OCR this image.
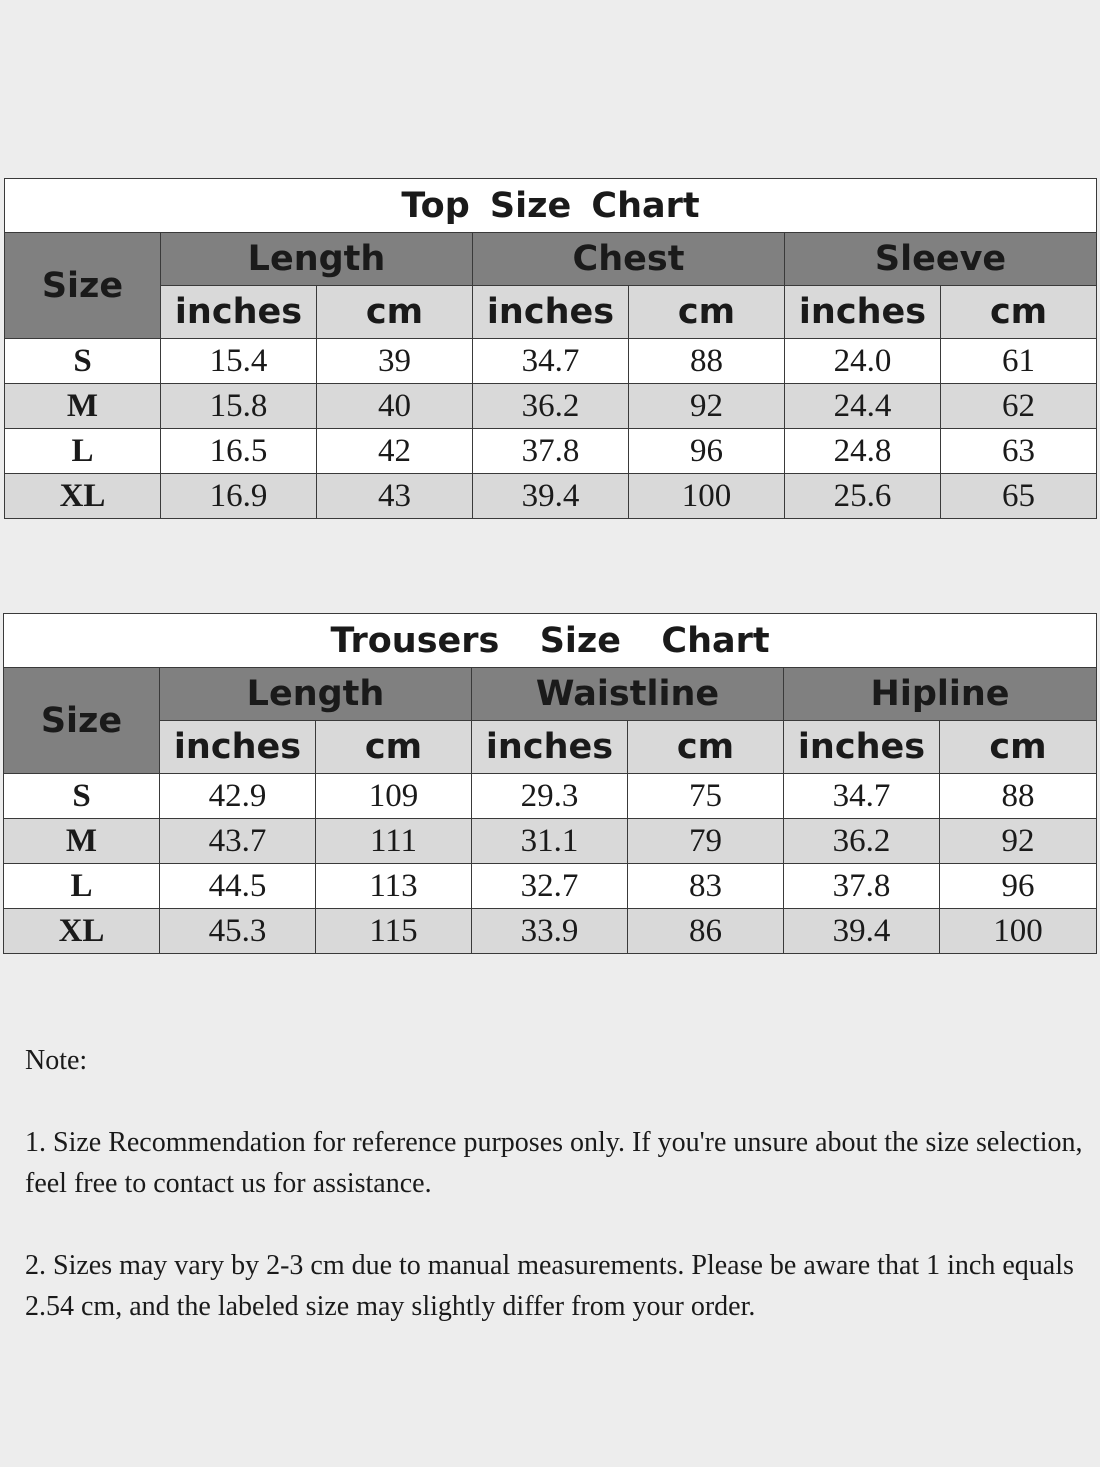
Top Size Chart						
Size	Length		Chest		Sleeve	
	inches	cm	inches	cm	inches	cm
S	15.4	39	34.7	88	24.0	61
M	15.8	40	36.2	92	24.4	62
L	16.5	42	37.8	96	24.8	63
XL	16.9	43	39.4	100	25.6	65
Trousers  Size  Chart						
Size	Length		Waistline		Hipline	
	inches	cm	inches	cm	inches	cm
S	42.9	109	29.3	75	34.7	88
M	43.7	111	31.1	79	36.2	92
L	44.5	113	32.7	83	37.8	96
XL	45.3	115	33.9	86	39.4	100

Note:

1. Size Recommendation for reference purposes only. If you're unsure about the size selection, feel free to contact us for assistance.

2. Sizes may vary by 2-3 cm due to manual measurements. Please be aware that 1 inch equals 2.54 cm, and the labeled size may slightly differ from your order.
